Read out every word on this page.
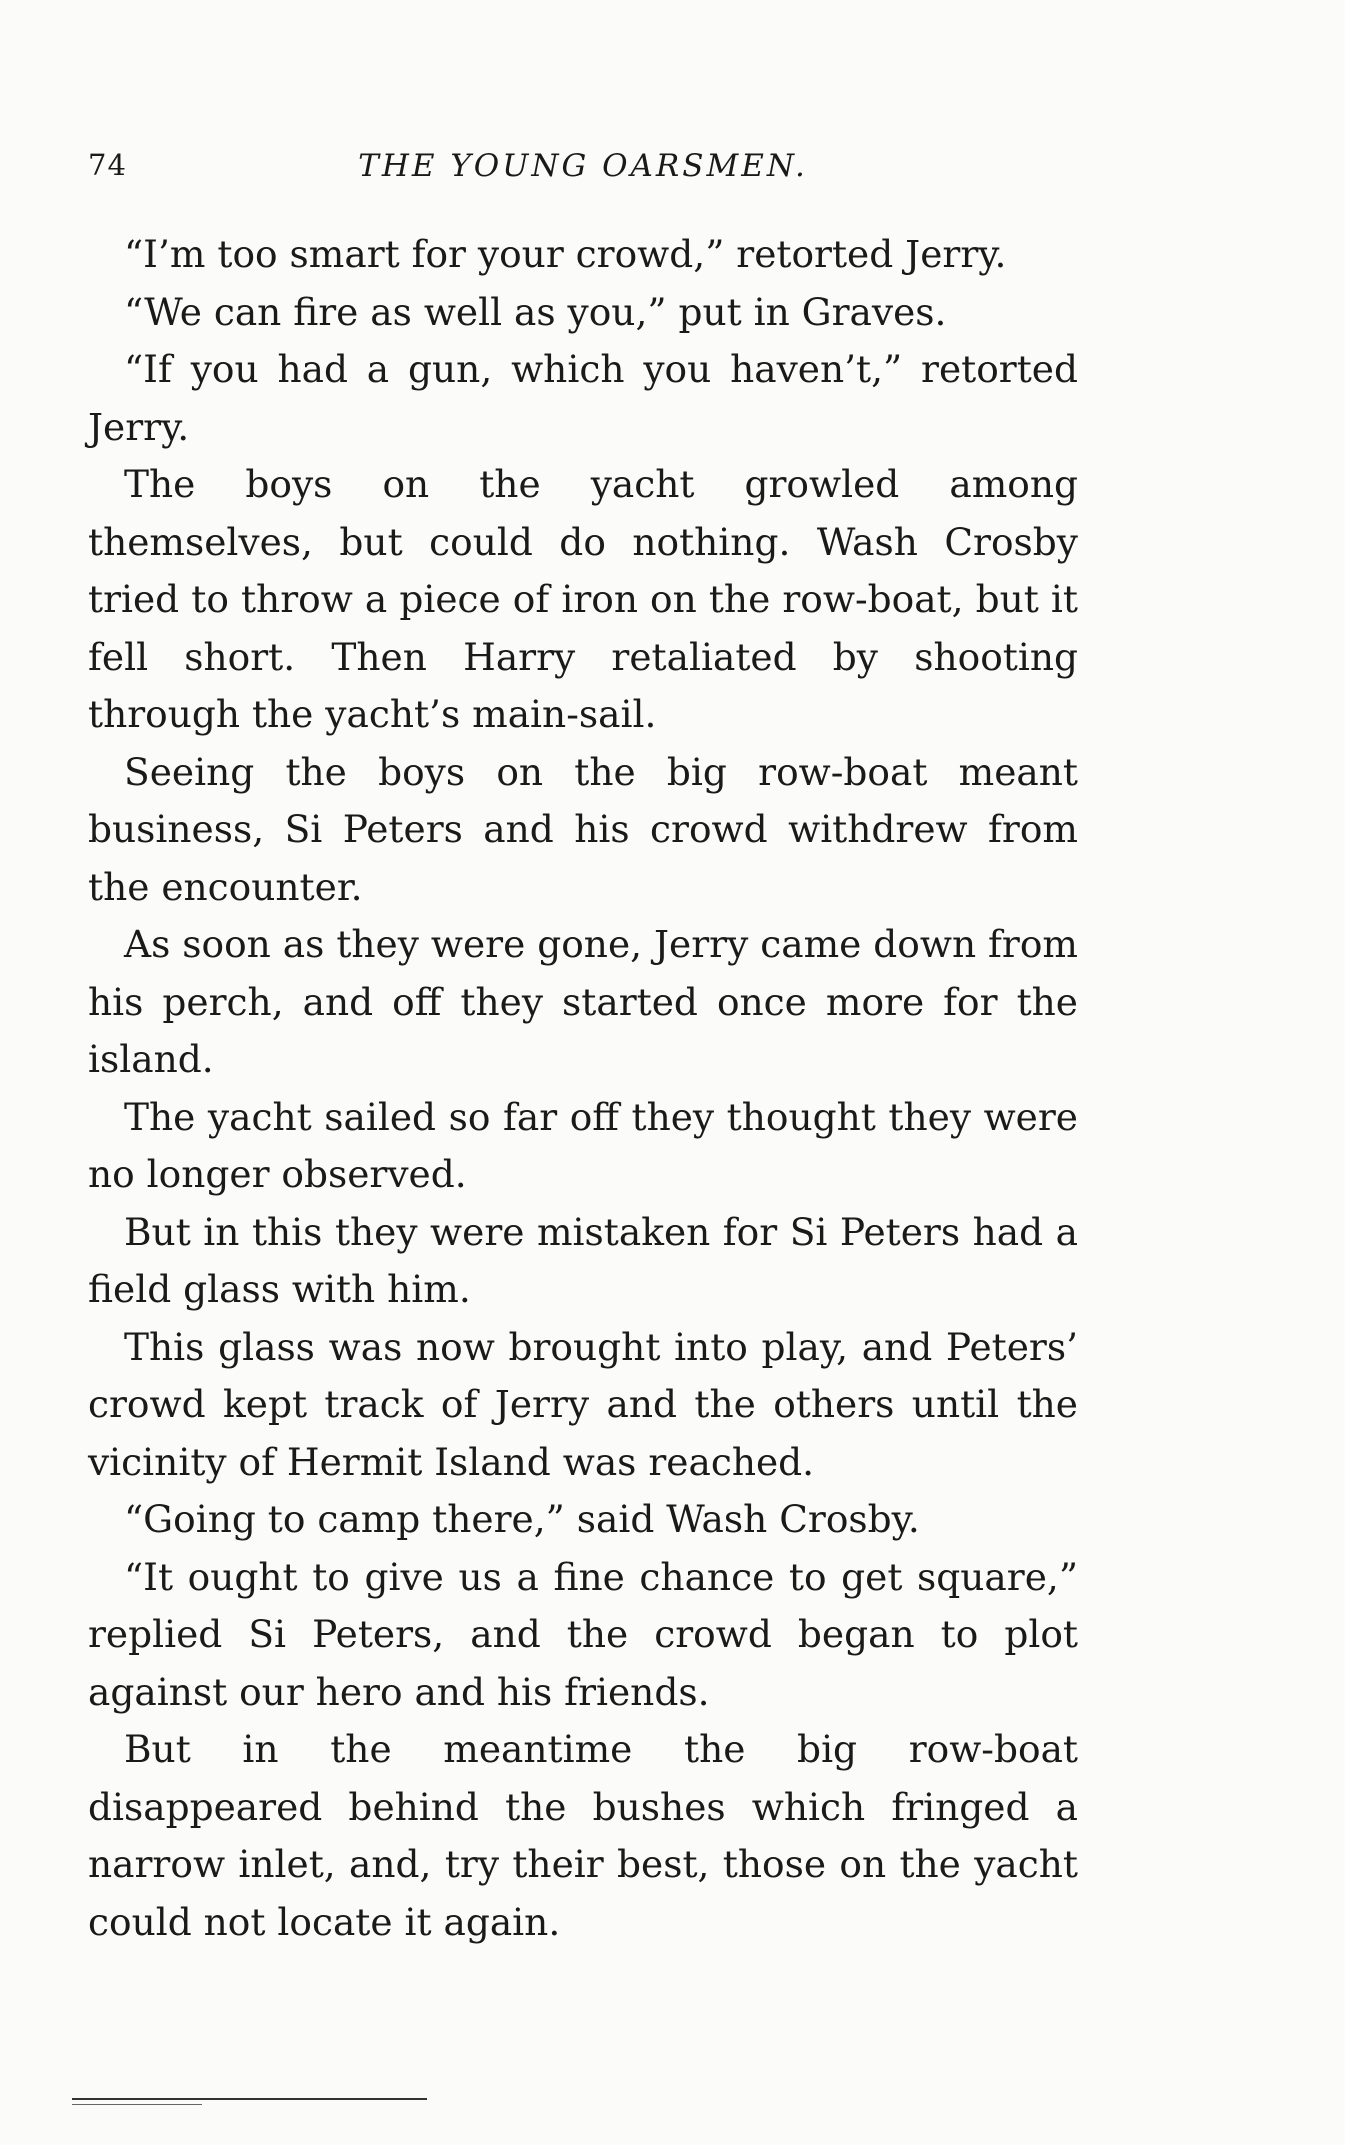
74	THE YOUNG OARSMEN.

“I’m too smart for your crowd,” retorted Jerry.

“We can fire as well as you,” put in Graves.

“If you had a gun, which you haven’t,” retorted Jerry.

The boys on the yacht growled among themselves, but could do nothing. Wash Crosby tried to throw a piece of iron on the row-boat, but it fell short. Then Harry retaliated by shooting through the yacht’s main-sail.

Seeing the boys on the big row-boat meant business, Si Peters and his crowd withdrew from the encounter.

As soon as they were gone, Jerry came down from his perch, and off they started once more for the island.

The yacht sailed so far off they thought they were no longer observed.

But in this they were mistaken for Si Peters had a field glass with him.

This glass was now brought into play, and Peters’ crowd kept track of Jerry and the others until the vicinity of Hermit Island was reached.

“Going to camp there,” said Wash Crosby.

“It ought to give us a fine chance to get square,” replied Si Peters, and the crowd began to plot against our hero and his friends.

But in the meantime the big row-boat disappeared behind the bushes which fringed a narrow inlet, and, try their best, those on the yacht could not locate it again.
